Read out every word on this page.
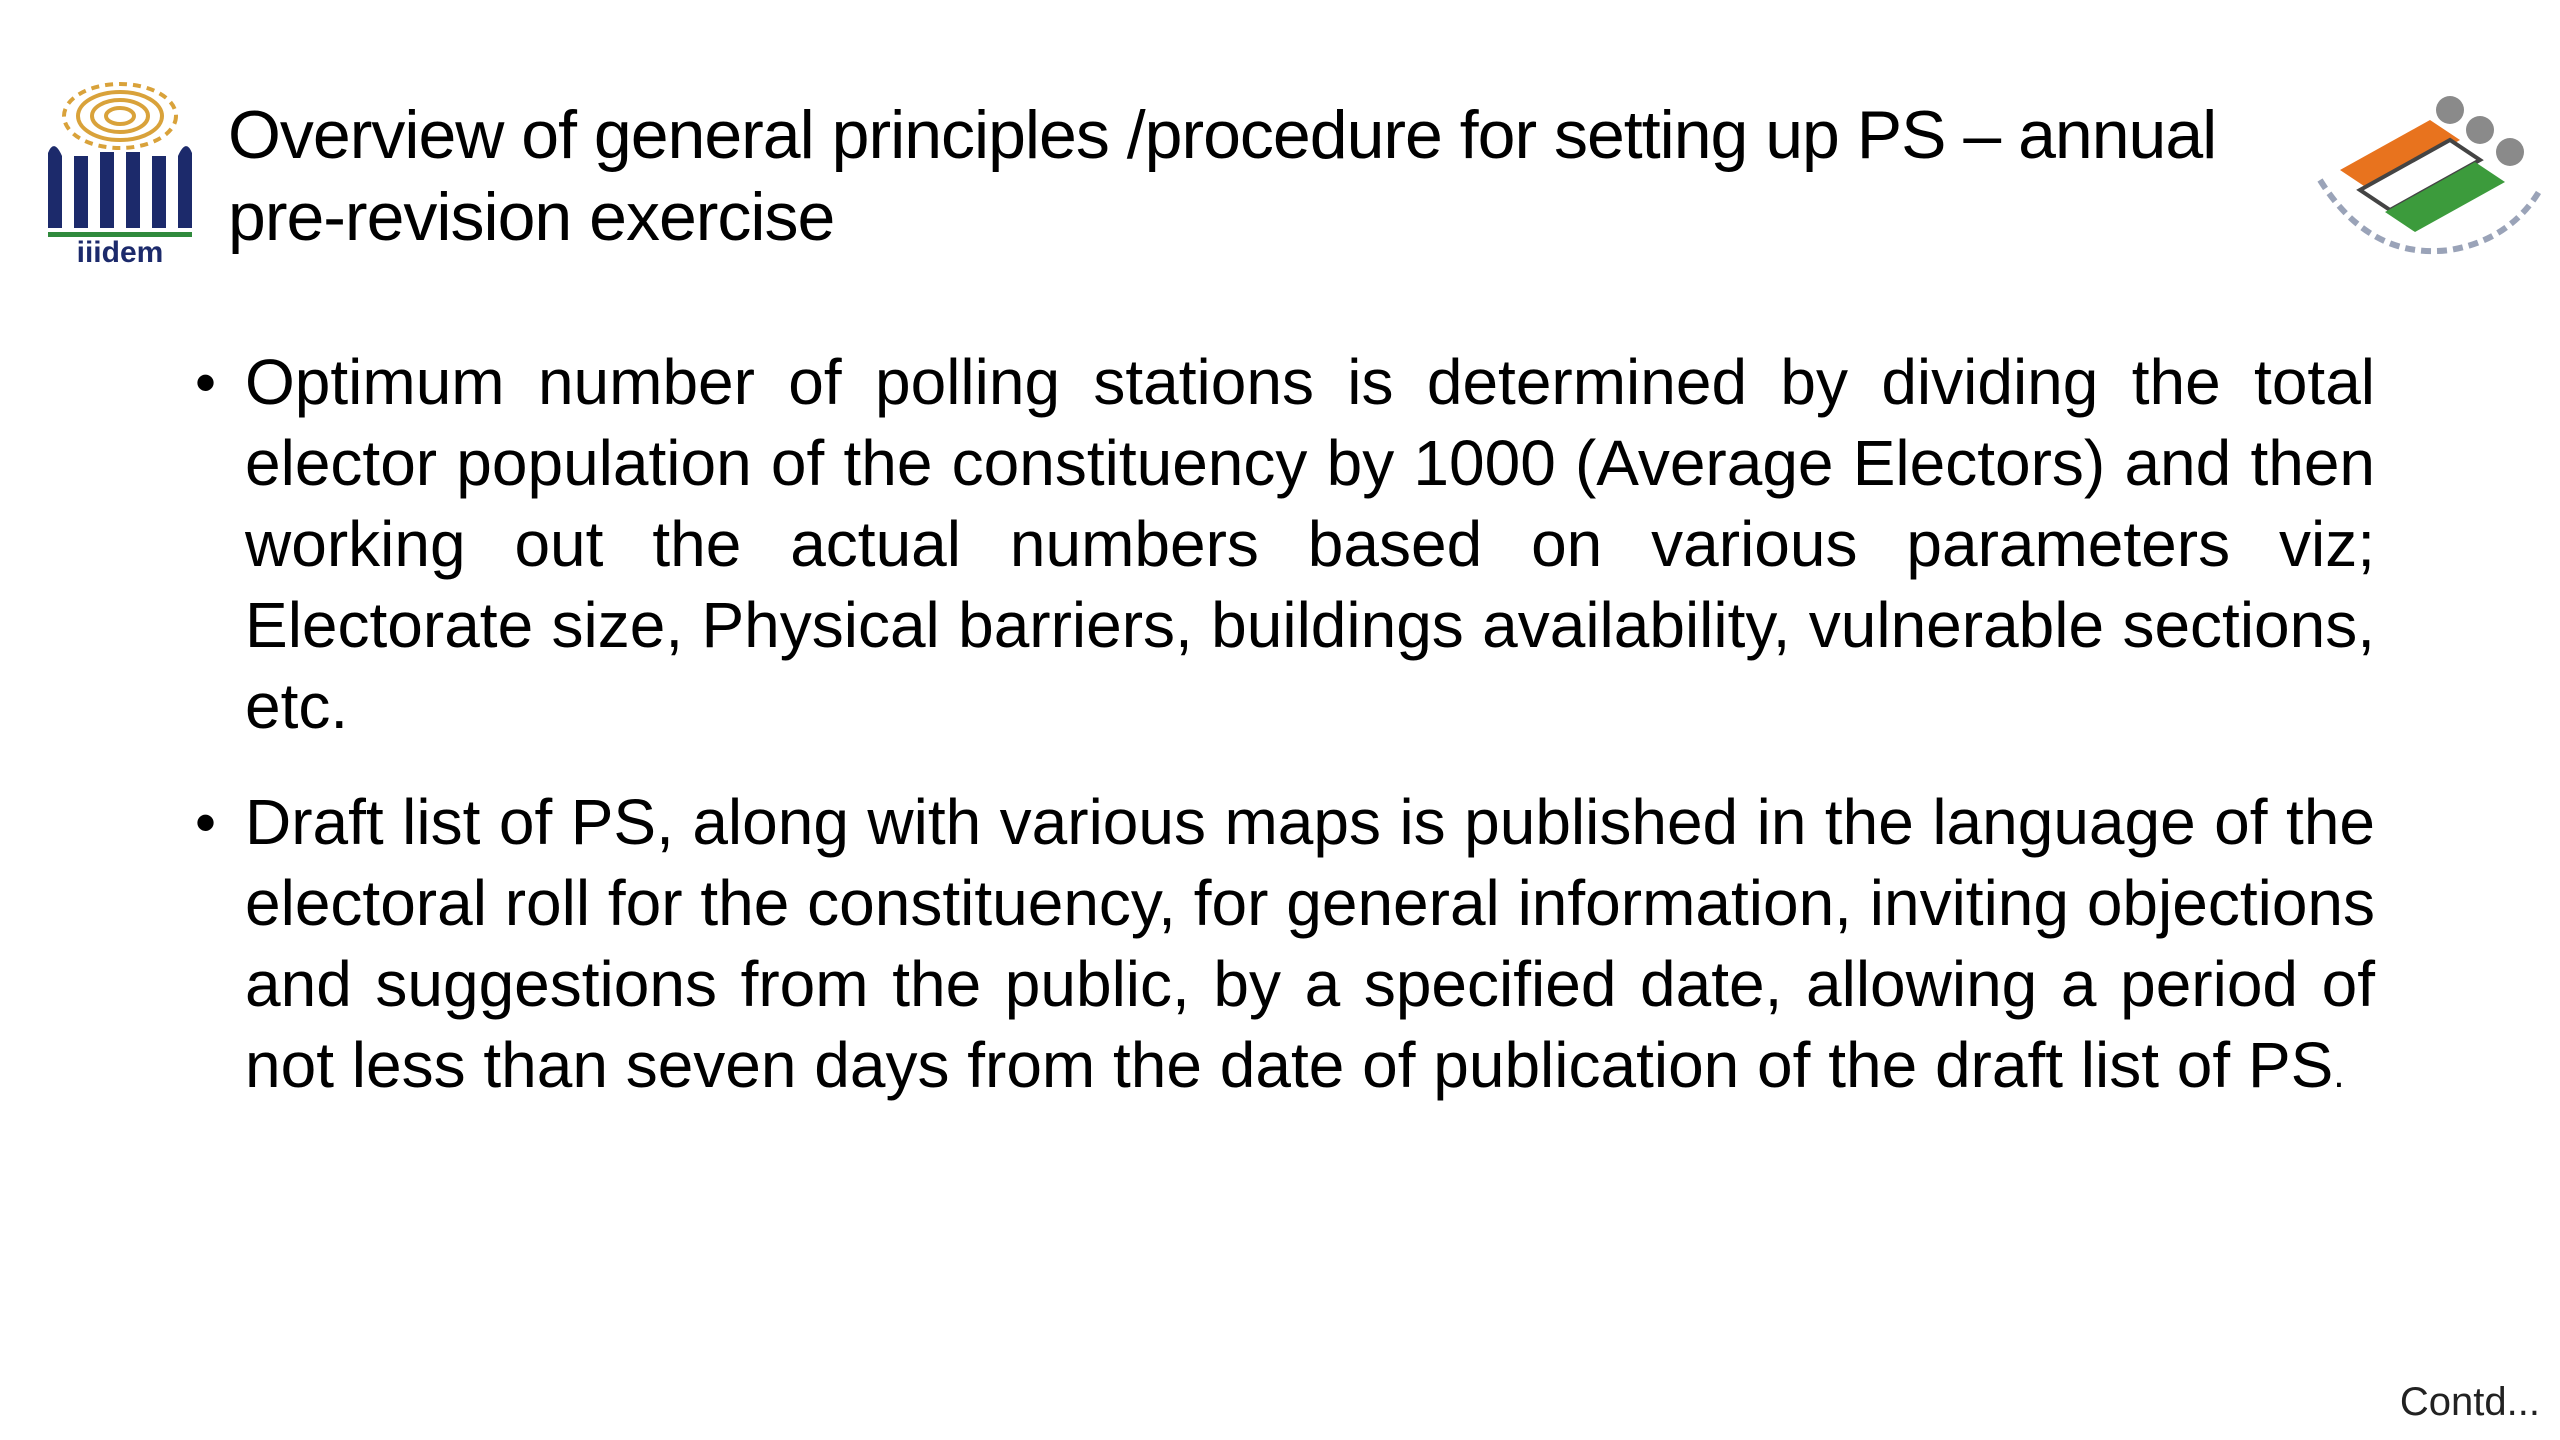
iiidem
Overview of general principles /procedure for setting up PS – annual pre-revision exercise
• Optimum number of polling stations is determined by dividing the total elector population of the constituency by 1000 (Average Electors) and then working out the actual numbers based on various parameters viz; Electorate size, Physical barriers, buildings availability, vulnerable sections, etc.
• Draft list of PS, along with various maps is published in the language of the electoral roll for the constituency, for general information, inviting objections and suggestions from the public, by a specified date, allowing a period of not less than seven days from the date of publication of the draft list of PS.
Contd...
